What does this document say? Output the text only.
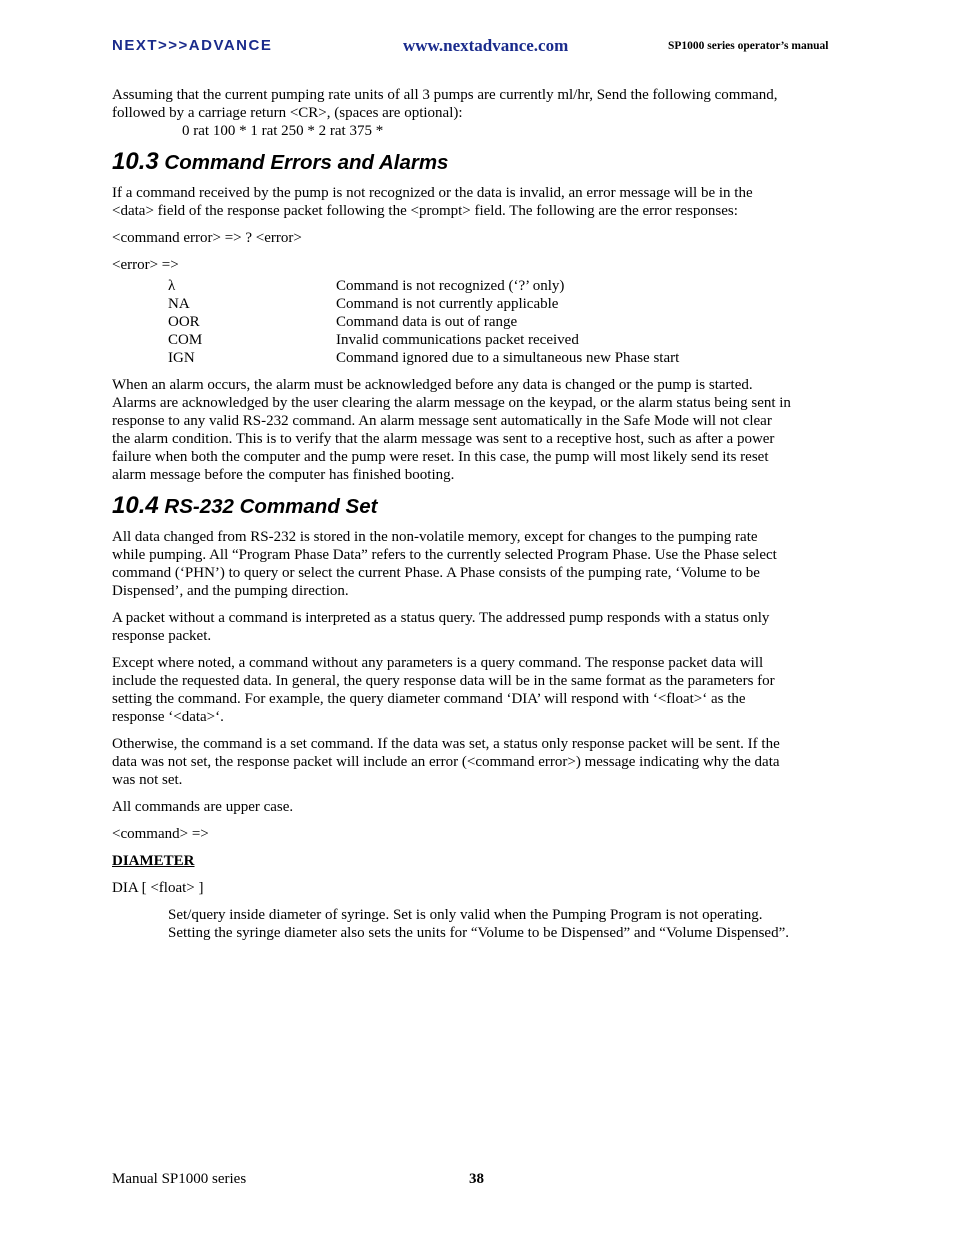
NEXT>>>ADVANCE	www.nextadvance.com	SP1000 series operator’s manual

Assuming that the current pumping rate units of all 3 pumps are currently ml/hr, Send the following command, followed by a carriage return <CR>, (spaces are optional):

0 rat 100 * 1 rat 250 * 2 rat 375 *

10.3 Command Errors and Alarms

If a command received by the pump is not recognized or the data is invalid, an error message will be in the <data> field of the response packet following the <prompt> field. The following are the error responses:

<command error> => ? <error>

<error> =>

λ	Command is not recognized (‘?’ only)
NA	Command is not currently applicable
OOR	Command data is out of range
COM	Invalid communications packet received
IGN	Command ignored due to a simultaneous new Phase start

When an alarm occurs, the alarm must be acknowledged before any data is changed or the pump is started. Alarms are acknowledged by the user clearing the alarm message on the keypad, or the alarm status being sent in response to any valid RS-232 command. An alarm message sent automatically in the Safe Mode will not clear the alarm condition. This is to verify that the alarm message was sent to a receptive host, such as after a power failure when both the computer and the pump were reset. In this case, the pump will most likely send its reset alarm message before the computer has finished booting.

10.4 RS-232 Command Set

All data changed from RS-232 is stored in the non-volatile memory, except for changes to the pumping rate while pumping. All “Program Phase Data” refers to the currently selected Program Phase. Use the Phase select command (‘PHN’) to query or select the current Phase. A Phase consists of the pumping rate, ‘Volume to be Dispensed’, and the pumping direction.

A packet without a command is interpreted as a status query. The addressed pump responds with a status only response packet.

Except where noted, a command without any parameters is a query command. The response packet data will include the requested data. In general, the query response data will be in the same format as the parameters for setting the command. For example, the query diameter command ‘DIA’ will respond with ‘<float>‘ as the response ‘<data>‘.

Otherwise, the command is a set command. If the data was set, a status only response packet will be sent. If the data was not set, the response packet will include an error (<command error>) message indicating why the data was not set.

All commands are upper case.

<command> =>

DIAMETER

DIA [ <float> ]

Set/query inside diameter of syringe. Set is only valid when the Pumping Program is not operating. Setting the syringe diameter also sets the units for “Volume to be Dispensed” and “Volume Dispensed”.

Manual SP1000 series	38
